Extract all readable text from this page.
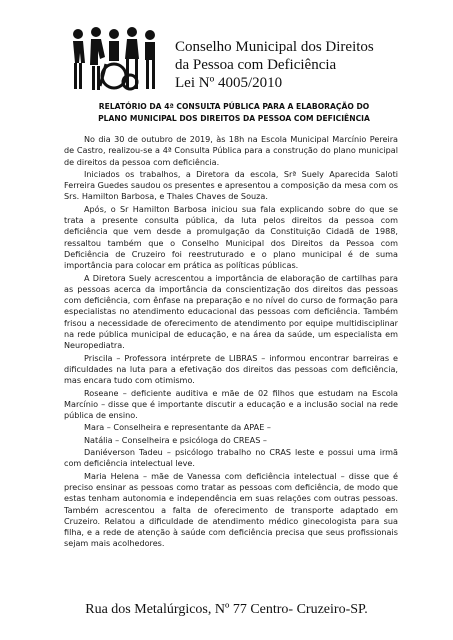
Conselho Municipal dos Direitos
da Pessoa com Deficiência
Lei Nº 4005/2010
RELATÓRIO DA 4ª CONSULTA PÚBLICA PARA A ELABORAÇÃO DO
PLANO MUNICIPAL DOS DIREITOS DA PESSOA COM DEFICIÊNCIA

No dia 30 de outubro de 2019, às 18h na Escola Municipal Marcínio Pereira de Castro, realizou-se a 4ª Consulta Pública para a construção do plano municipal de direitos da pessoa com deficiência.

Iniciados os trabalhos, a Diretora da escola, Srª Suely Aparecida Saloti Ferreira Guedes saudou os presentes e apresentou a composição da mesa com os Srs. Hamilton Barbosa, e Thales Chaves de Souza.

Após, o Sr Hamilton Barbosa iniciou sua fala explicando sobre do que se trata a presente consulta pública, da luta pelos direitos da pessoa com deficiência que vem desde a promulgação da Constituição Cidadã de 1988, ressaltou também que o Conselho Municipal dos Direitos da Pessoa com Deficiência de Cruzeiro foi reestruturado e o plano municipal é de suma importância para colocar em prática as políticas públicas.

A Diretora Suely acrescentou a importância de elaboração de cartilhas para as pessoas acerca da importância da conscientização dos direitos das pessoas com deficiência, com ênfase na preparação e no nível do curso de formação para especialistas no atendimento educacional das pessoas com deficiência. Também frisou a necessidade de oferecimento de atendimento por equipe multidisciplinar na rede pública municipal de educação, e na área da saúde, um especialista em Neuropediatra.

Priscila – Professora intérprete de LIBRAS – informou encontrar barreiras e dificuldades na luta para a efetivação dos direitos das pessoas com deficiência, mas encara tudo com otimismo.

Roseane – deficiente auditiva e mãe de 02 filhos que estudam na Escola Marcínio – disse que é importante discutir a educação e a inclusão social na rede pública de ensino.

Mara – Conselheira e representante da APAE –

Natália – Conselheira e psicóloga do CREAS –

Daniéverson Tadeu – psicólogo trabalho no CRAS leste e possui uma irmã com deficiência intelectual leve.

Maria Helena – mãe de Vanessa com deficiência intelectual – disse que é preciso ensinar as pessoas como tratar as pessoas com deficiência, de modo que estas tenham autonomia e independência em suas relações com outras pessoas. Também acrescentou a falta de oferecimento de transporte adaptado em Cruzeiro. Relatou a dificuldade de atendimento médico ginecologista para sua filha, e a rede de atenção à saúde com deficiência precisa que seus profissionais sejam mais acolhedores.

Rua dos Metalúrgicos, Nº 77 Centro- Cruzeiro-SP.
